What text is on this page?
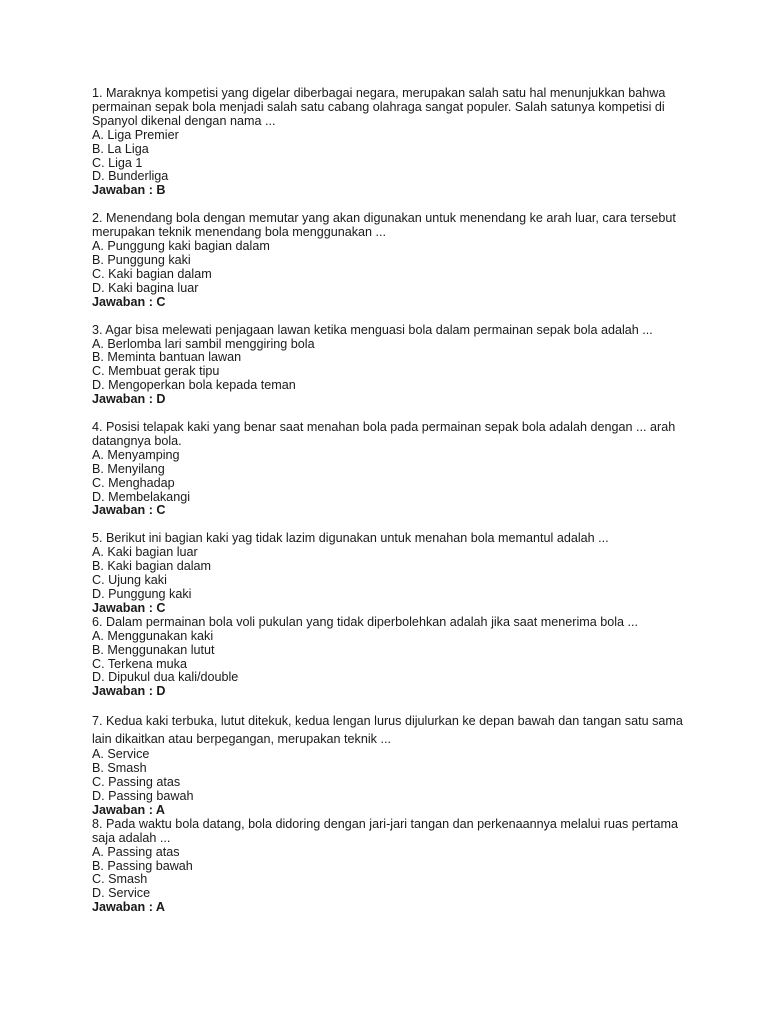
1. Maraknya kompetisi yang digelar diberbagai negara, merupakan salah satu hal menunjukkan bahwa permainan sepak bola menjadi salah satu cabang olahraga sangat populer. Salah satunya kompetisi di Spanyol dikenal dengan nama ...
A. Liga Premier
B. La Liga
C. Liga 1
D. Bunderliga
Jawaban : B
2. Menendang bola dengan memutar yang akan digunakan untuk menendang ke arah luar, cara tersebut merupakan teknik menendang bola menggunakan ...
A. Punggung kaki bagian dalam
B. Punggung kaki
C. Kaki bagian dalam
D. Kaki bagina luar
Jawaban : C
3. Agar bisa melewati penjagaan lawan ketika menguasi bola dalam permainan sepak bola adalah ...
A. Berlomba lari sambil menggiring bola
B. Meminta bantuan lawan
C. Membuat gerak tipu
D. Mengoperkan bola kepada teman
Jawaban : D
4. Posisi telapak kaki yang benar saat menahan bola pada permainan sepak bola adalah dengan ... arah datangnya bola.
A. Menyamping
B. Menyilang
C. Menghadap
D. Membelakangi
Jawaban : C
5. Berikut ini bagian kaki yag tidak lazim digunakan untuk menahan bola memantul adalah ...
A. Kaki bagian luar
B. Kaki bagian dalam
C. Ujung kaki
D. Punggung kaki
Jawaban : C
6. Dalam permainan bola voli pukulan yang tidak diperbolehkan adalah jika saat menerima bola ...
A. Menggunakan kaki
B. Menggunakan lutut
C. Terkena muka
D. Dipukul dua kali/double
Jawaban : D
7. Kedua kaki terbuka, lutut ditekuk, kedua lengan lurus dijulurkan ke depan bawah dan tangan satu sama lain dikaitkan atau berpegangan, merupakan teknik ...
A. Service
B. Smash
C. Passing atas
D. Passing bawah
Jawaban : A
8. Pada waktu bola datang, bola didoring dengan jari-jari tangan dan perkenaannya melalui ruas pertama saja adalah ...
A. Passing atas
B. Passing bawah
C. Smash
D. Service
Jawaban : A
